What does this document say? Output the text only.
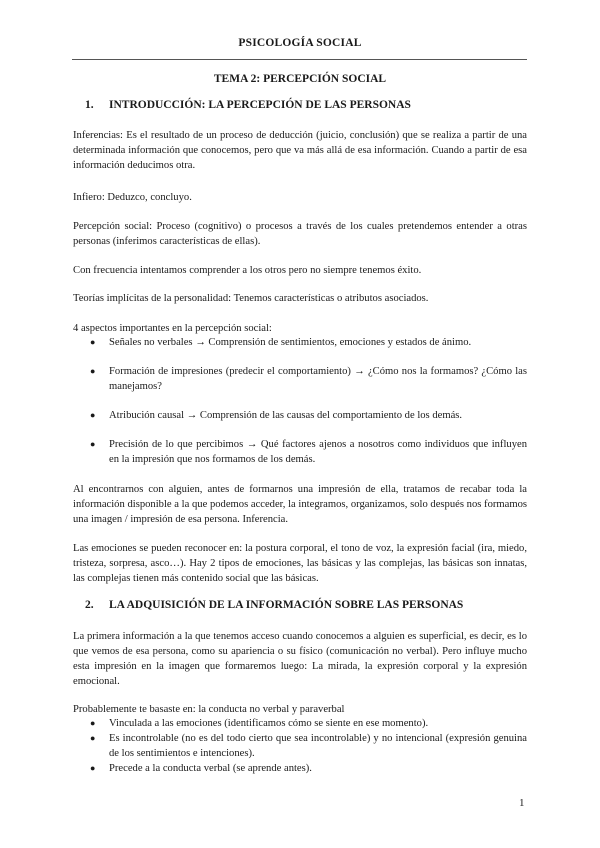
PSICOLOGÍA SOCIAL
TEMA 2: PERCEPCIÓN SOCIAL
1. INTRODUCCIÓN: LA PERCEPCIÓN DE LAS PERSONAS
Inferencias: Es el resultado de un proceso de deducción (juicio, conclusión) que se realiza a partir de una determinada información que conocemos, pero que va más allá de esa información. Cuando a partir de esa información deducimos otra.
Infiero: Deduzco, concluyo.
Percepción social: Proceso (cognitivo) o procesos a través de los cuales pretendemos entender a otras personas (inferimos características de ellas).
Con frecuencia intentamos comprender a los otros pero no siempre tenemos éxito.
Teorías implícitas de la personalidad: Tenemos características o atributos asociados.
4 aspectos importantes en la percepción social:
● Señales no verbales → Comprensión de sentimientos, emociones y estados de ánimo.
● Formación de impresiones (predecir el comportamiento) → ¿Cómo nos la formamos? ¿Cómo las manejamos?
● Atribución causal → Comprensión de las causas del comportamiento de los demás.
● Precisión de lo que percibimos → Qué factores ajenos a nosotros como individuos que influyen en la impresión que nos formamos de los demás.
Al encontrarnos con alguien, antes de formarnos una impresión de ella, tratamos de recabar toda la información disponible a la que podemos acceder, la integramos, organizamos, solo después nos formamos una imagen / impresión de esa persona. Inferencia.
Las emociones se pueden reconocer en: la postura corporal, el tono de voz, la expresión facial (ira, miedo, tristeza, sorpresa, asco…). Hay 2 tipos de emociones, las básicas y las complejas, las básicas son innatas, las complejas tienen más contenido social que las básicas.
2. LA ADQUISICIÓN DE LA INFORMACIÓN SOBRE LAS PERSONAS
La primera información a la que tenemos acceso cuando conocemos a alguien es superficial, es decir, es lo que vemos de esa persona, como su apariencia o su físico (comunicación no verbal). Pero influye mucho esta impresión en la imagen que formaremos luego: La mirada, la expresión corporal y la expresión emocional.
Probablemente te basaste en: la conducta no verbal y paraverbal
● Vinculada a las emociones (identificamos cómo se siente en ese momento).
● Es incontrolable (no es del todo cierto que sea incontrolable) y no intencional (expresión genuina de los sentimientos e intenciones).
● Precede a la conducta verbal (se aprende antes).
1
